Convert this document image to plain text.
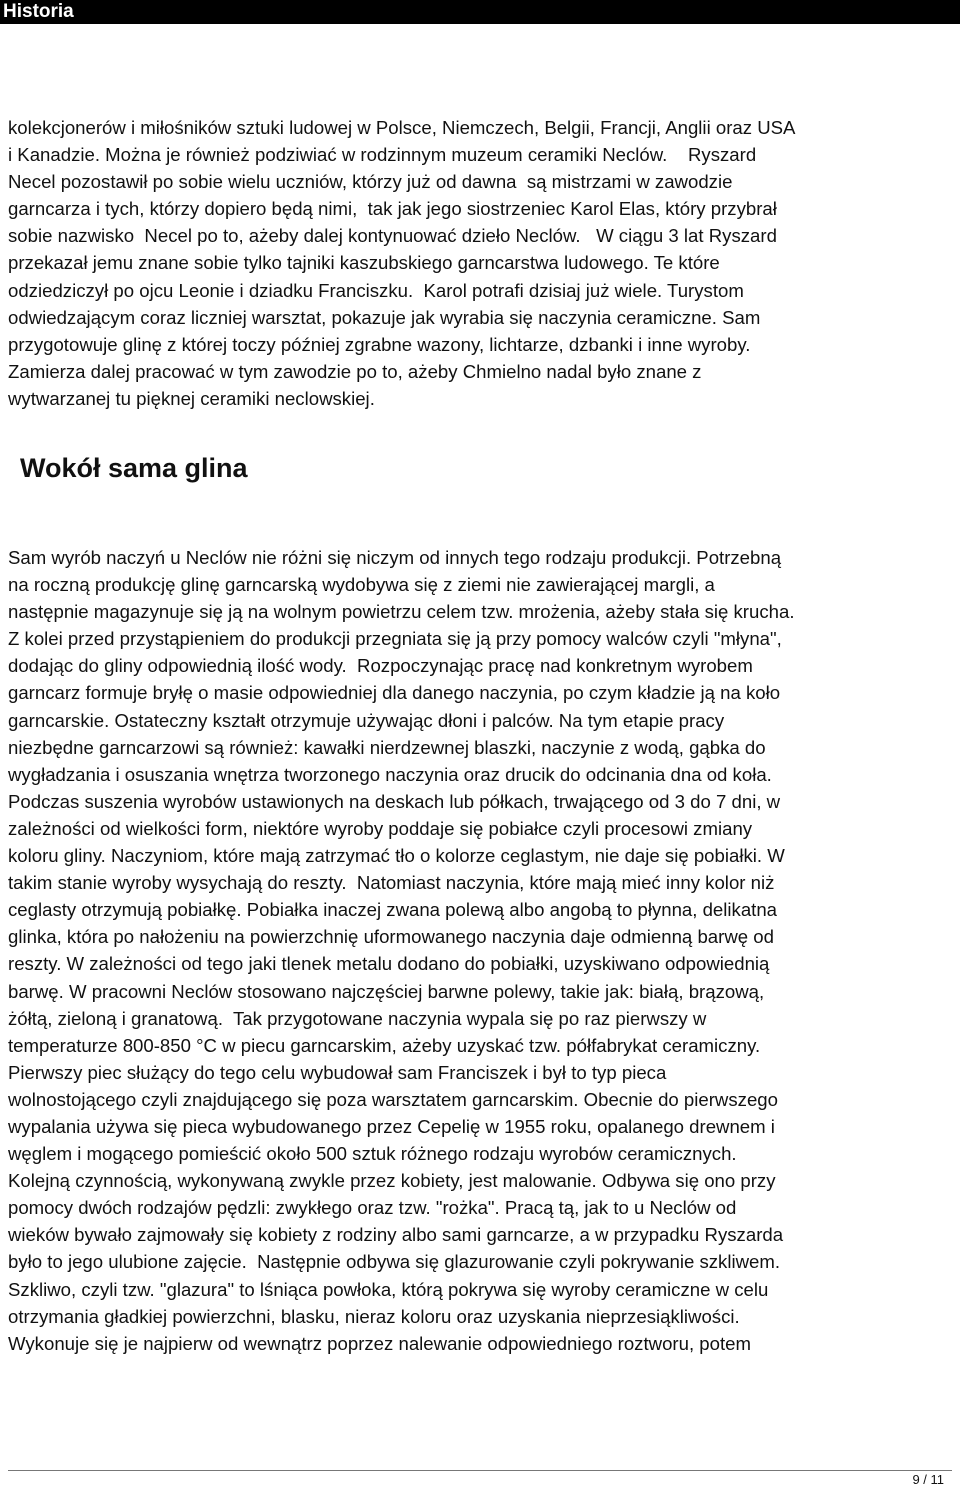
Historia
kolekcjonerów i miłośników sztuki ludowej w Polsce, Niemczech, Belgii, Francji, Anglii oraz USA
i Kanadzie. Można je również podziwiać w rodzinnym muzeum ceramiki Neclów.    Ryszard
Necel pozostawił po sobie wielu uczniów, którzy już od dawna  są mistrzami w zawodzie
garncarza i tych, którzy dopiero będą nimi,  tak jak jego siostrzeniec Karol Elas, który przybrał
sobie nazwisko  Necel po to, ażeby dalej kontynuować dzieło Neclów.   W ciągu 3 lat Ryszard
przekazał jemu znane sobie tylko tajniki kaszubskiego garncarstwa ludowego. Te które
odziedziczył po ojcu Leonie i dziadku Franciszku.  Karol potrafi dzisiaj już wiele. Turystom
odwiedzającym coraz liczniej warsztat, pokazuje jak wyrabia się naczynia ceramiczne. Sam
przygotowuje glinę z której toczy później zgrabne wazony, lichtarze, dzbanki i inne wyroby.
Zamierza dalej pracować w tym zawodzie po to, ażeby Chmielno nadal było znane z
wytwarzanej tu pięknej ceramiki neclowskiej.
Wokół sama glina
Sam wyrób naczyń u Neclów nie różni się niczym od innych tego rodzaju produkcji. Potrzebną
na roczną produkcję glinę garncarską wydobywa się z ziemi nie zawierającej margli, a
następnie magazynuje się ją na wolnym powietrzu celem tzw. mrożenia, ażeby stała się krucha.
Z kolei przed przystąpieniem do produkcji przegniata się ją przy pomocy walców czyli "młyna",
dodając do gliny odpowiednią ilość wody.  Rozpoczynając pracę nad konkretnym wyrobem
garncarz formuje bryłę o masie odpowiedniej dla danego naczynia, po czym kładzie ją na koło
garncarskie. Ostateczny kształt otrzymuje używając dłoni i palców. Na tym etapie pracy
niezbędne garncarzowi są również: kawałki nierdzewnej blaszki, naczynie z wodą, gąbka do
wygładzania i osuszania wnętrza tworzonego naczynia oraz drucik do odcinania dna od koła.
Podczas suszenia wyrobów ustawionych na deskach lub półkach, trwającego od 3 do 7 dni, w
zależności od wielkości form, niektóre wyroby poddaje się pobiałce czyli procesowi zmiany
koloru gliny. Naczyniom, które mają zatrzymać tło o kolorze ceglastym, nie daje się pobiałki. W
takim stanie wyroby wysychają do reszty.  Natomiast naczynia, które mają mieć inny kolor niż
ceglasty otrzymują pobiałkę. Pobiałka inaczej zwana polewą albo angobą to płynna, delikatna
glinka, która po nałożeniu na powierzchnię uformowanego naczynia daje odmienną barwę od
reszty. W zależności od tego jaki tlenek metalu dodano do pobiałki, uzyskiwano odpowiednią
barwę. W pracowni Neclów stosowano najczęściej barwne polewy, takie jak: białą, brązową,
żółtą, zieloną i granatową.  Tak przygotowane naczynia wypala się po raz pierwszy w
temperaturze 800-850 °C w piecu garncarskim, ażeby uzyskać tzw. półfabrykat ceramiczny.
Pierwszy piec służący do tego celu wybudował sam Franciszek i był to typ pieca
wolnostojącego czyli znajdującego się poza warsztatem garncarskim. Obecnie do pierwszego
wypalania używa się pieca wybudowanego przez Cepelię w 1955 roku, opalanego drewnem i
węglem i mogącego pomieścić około 500 sztuk różnego rodzaju wyrobów ceramicznych.
Kolejną czynnością, wykonywaną zwykle przez kobiety, jest malowanie. Odbywa się ono przy
pomocy dwóch rodzajów pędzli: zwykłego oraz tzw. "rożka". Pracą tą, jak to u Neclów od
wieków bywało zajmowały się kobiety z rodziny albo sami garncarze, a w przypadku Ryszarda
było to jego ulubione zajęcie.  Następnie odbywa się glazurowanie czyli pokrywanie szkliwem.
Szkliwo, czyli tzw. "glazura" to lśniąca powłoka, którą pokrywa się wyroby ceramiczne w celu
otrzymania gładkiej powierzchni, blasku, nieraz koloru oraz uzyskania nieprzesiąkliwości.
Wykonuje się je najpierw od wewnątrz poprzez nalewanie odpowiedniego roztworu, potem
9 / 11
